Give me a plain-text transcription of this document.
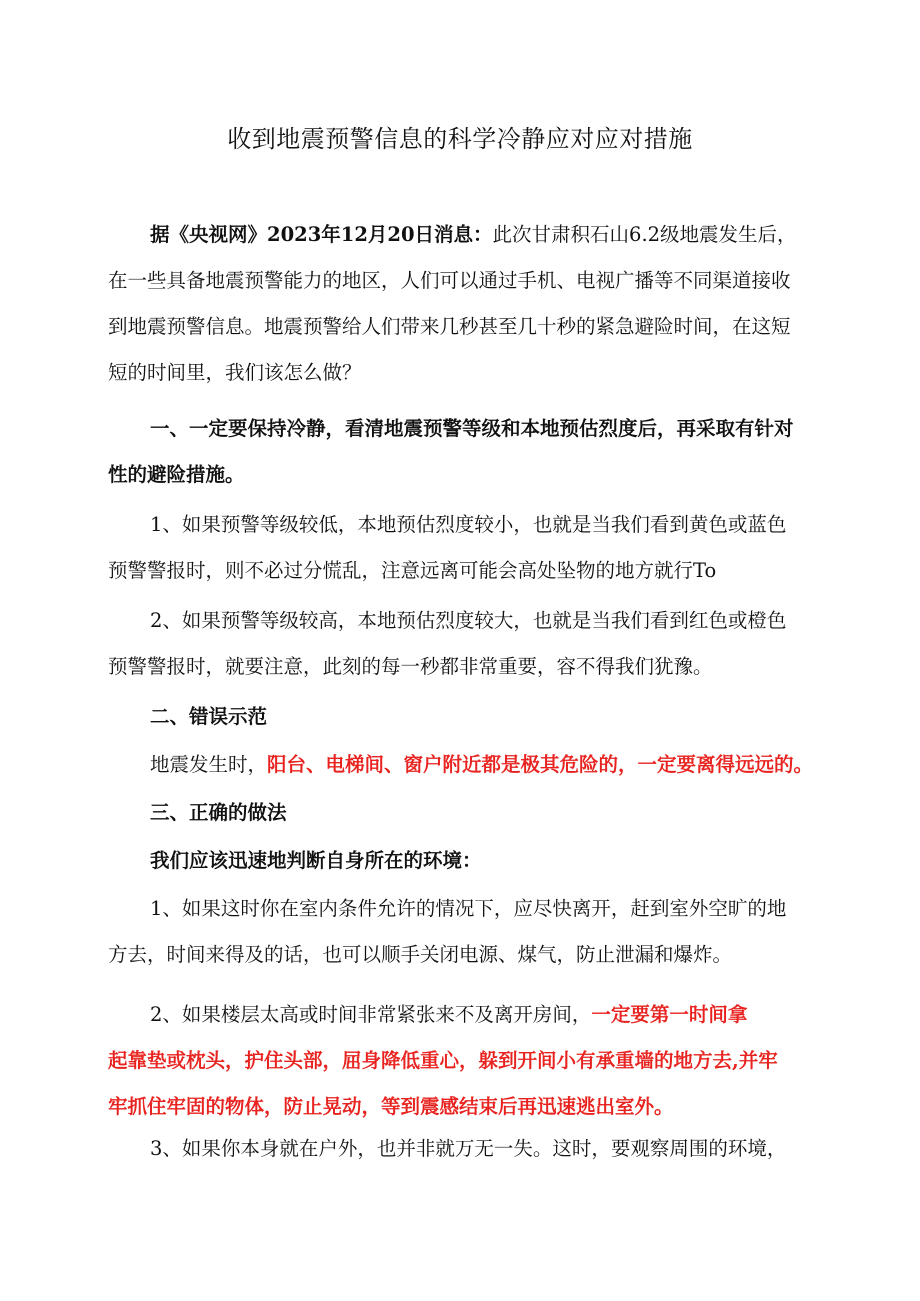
收到地震预警信息的科学冷静应对应对措施
据《央视网》2023年12月20日消息：此次甘肃积石山6.2级地震发生后，
在一些具备地震预警能力的地区，人们可以通过手机、电视广播等不同渠道接收
到地震预警信息。地震预警给人们带来几秒甚至几十秒的紧急避险时间，在这短
短的时间里，我们该怎么做？
一、一定要保持冷静，看清地震预警等级和本地预估烈度后，再采取有针对
性的避险措施。
1、如果预警等级较低，本地预估烈度较小，也就是当我们看到黄色或蓝色
预警警报时，则不必过分慌乱，注意远离可能会高处坠物的地方就行To
2、如果预警等级较高，本地预估烈度较大，也就是当我们看到红色或橙色
预警警报时，就要注意，此刻的每一秒都非常重要，容不得我们犹豫。
二、错误示范
地震发生时，阳台、电梯间、窗户附近都是极其危险的，一定要离得远远的。
三、正确的做法
我们应该迅速地判断自身所在的环境：
1、如果这时你在室内条件允许的情况下，应尽快离开，赶到室外空旷的地
方去，时间来得及的话，也可以顺手关闭电源、煤气，防止泄漏和爆炸。
2、如果楼层太高或时间非常紧张来不及离开房间，一定要第一时间拿
起靠垫或枕头，护住头部，屈身降低重心，躲到开间小有承重墙的地方去,并牢
牢抓住牢固的物体，防止晃动，等到震感结束后再迅速逃出室外。
3、如果你本身就在户外，也并非就万无一失。这时，要观察周围的环境，
